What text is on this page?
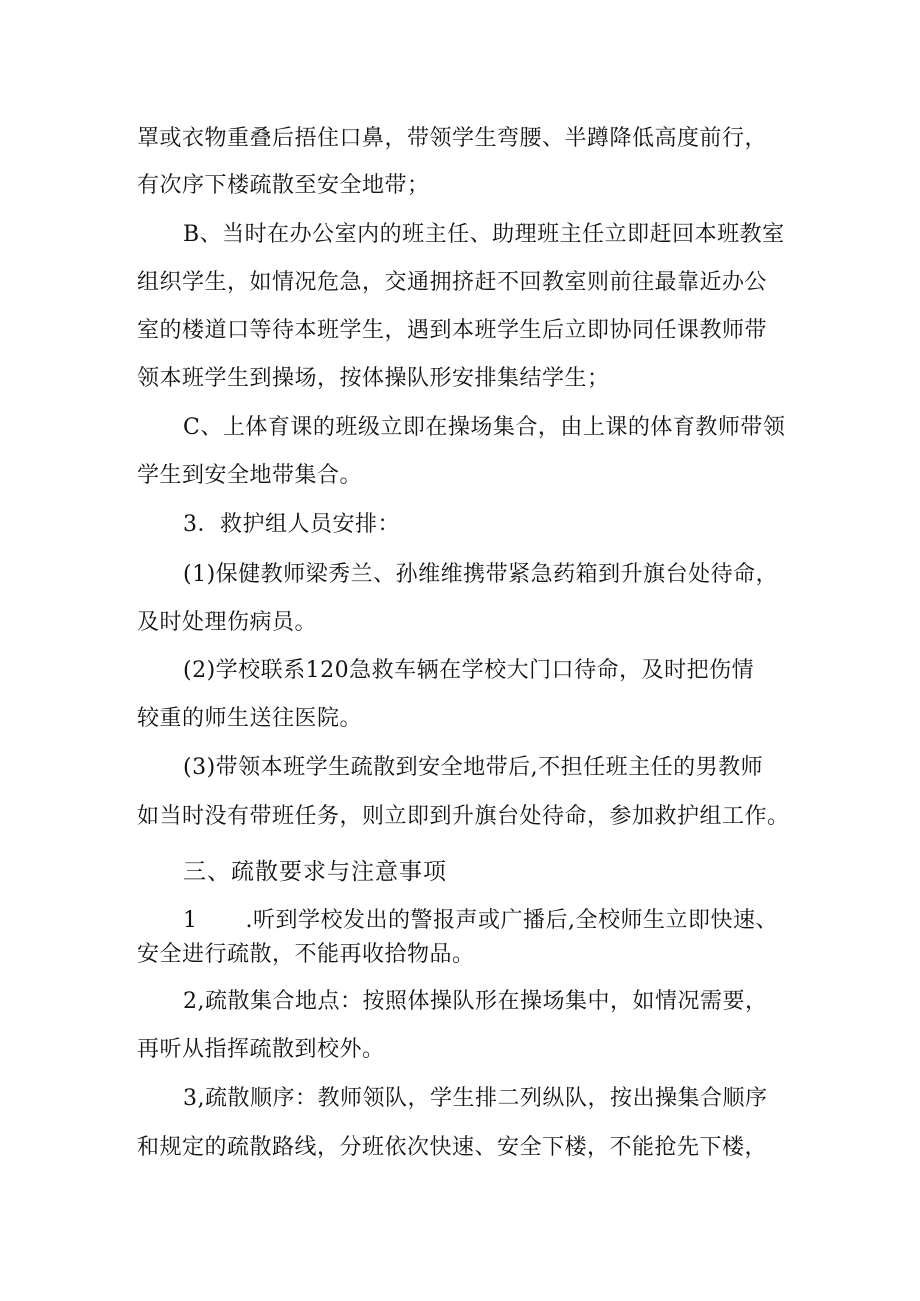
罩或衣物重叠后捂住口鼻，带领学生弯腰、半蹲降低高度前行，
有次序下楼疏散至安全地带；
B、当时在办公室内的班主任、助理班主任立即赶回本班教室
组织学生，如情况危急，交通拥挤赶不回教室则前往最靠近办公
室的楼道口等待本班学生，遇到本班学生后立即协同任课教师带
领本班学生到操场，按体操队形安排集结学生；
C、上体育课的班级立即在操场集合，由上课的体育教师带领
学生到安全地带集合。
3．救护组人员安排：
(1)保健教师梁秀兰、孙维维携带紧急药箱到升旗台处待命，
及时处理伤病员。
(2)学校联系120急救车辆在学校大门口待命，及时把伤情
较重的师生送往医院。
(3)带领本班学生疏散到安全地带后,不担任班主任的男教师
如当时没有带班任务，则立即到升旗台处待命，参加救护组工作。
三、疏散要求与注意事项
1 .听到学校发出的警报声或广播后,全校师生立即快速、
安全进行疏散，不能再收拾物品。
2,疏散集合地点：按照体操队形在操场集中，如情况需要，
再听从指挥疏散到校外。
3,疏散顺序：教师领队，学生排二列纵队，按出操集合顺序
和规定的疏散路线，分班依次快速、安全下楼，不能抢先下楼，
